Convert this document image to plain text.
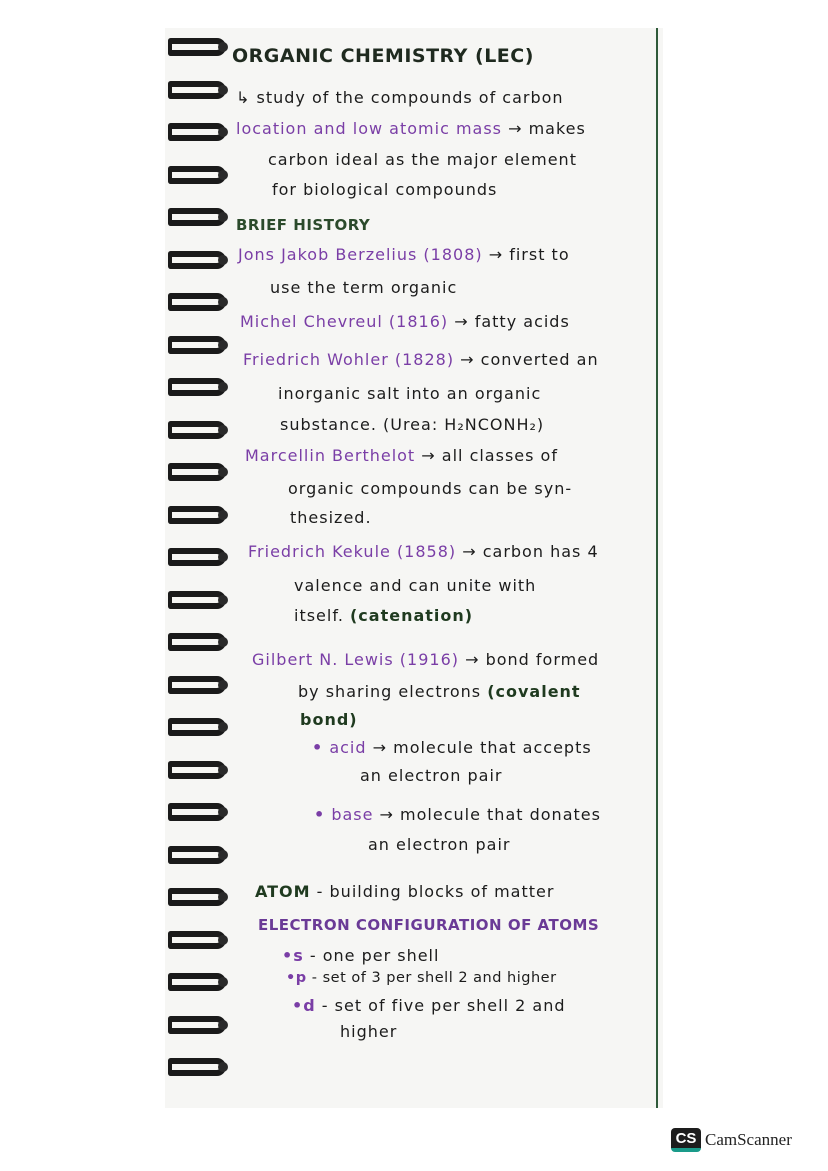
ORGANIC CHEMISTRY (LEC)
↳ study of the compounds of carbon
location and low atomic mass → makes
carbon ideal as the major element
for biological compounds
BRIEF HISTORY
Jons Jakob Berzelius (1808) → first to
use the term organic
Michel Chevreul (1816) → fatty acids
Friedrich Wohler (1828) → converted an
inorganic salt into an organic
substance. (Urea: H₂NCONH₂)
Marcellin Berthelot → all classes of
organic compounds can be syn-
thesized.
Friedrich Kekule (1858) → carbon has 4
valence and can unite with
itself. (catenation)
Gilbert N. Lewis (1916) → bond formed
by sharing electrons (covalent
bond)
• acid → molecule that accepts
an electron pair
• base → molecule that donates
an electron pair
ATOM - building blocks of matter
ELECTRON CONFIGURATION OF ATOMS
•s - one per shell
•p - set of 3 per shell 2 and higher
•d - set of five per shell 2 and
higher
CS CamScanner
